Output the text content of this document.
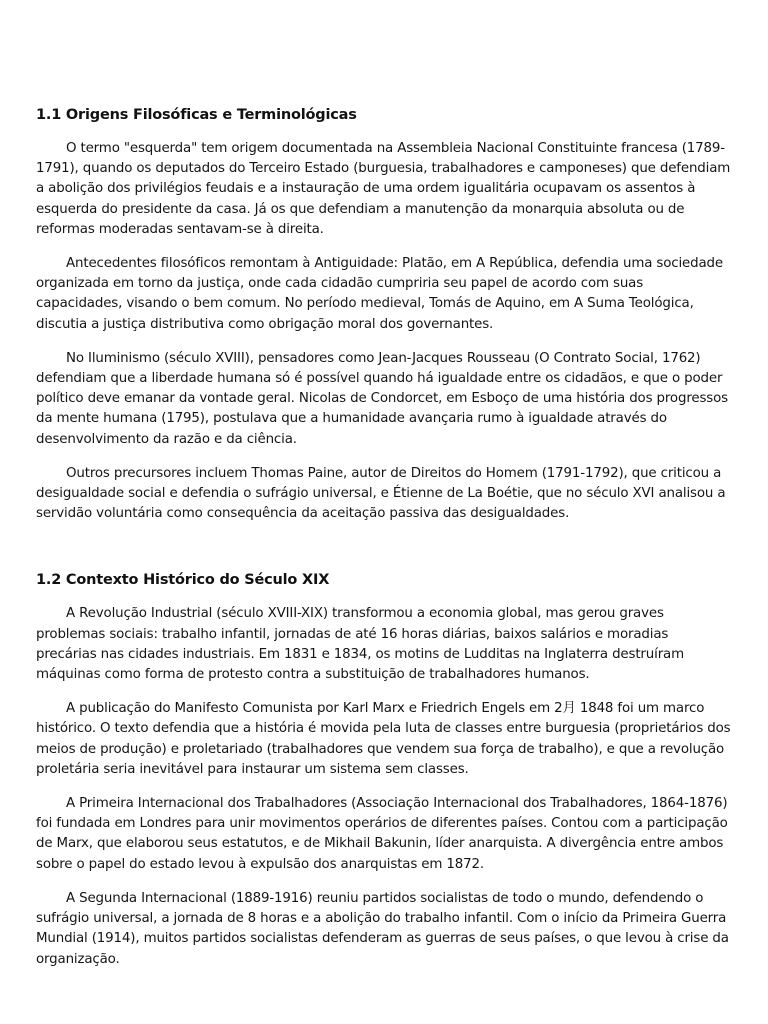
1.1 Origens Filosóficas e Terminológicas

O termo "esquerda" tem origem documentada na Assembleia Nacional Constituinte francesa (1789-1791), quando os deputados do Terceiro Estado (burguesia, trabalhadores e camponeses) que defendiam a abolição dos privilégios feudais e a instauração de uma ordem igualitária ocupavam os assentos à esquerda do presidente da casa. Já os que defendiam a manutenção da monarquia absoluta ou de reformas moderadas sentavam-se à direita.

Antecedentes filosóficos remontam à Antiguidade: Platão, em A República, defendia uma sociedade organizada em torno da justiça, onde cada cidadão cumpriria seu papel de acordo com suas capacidades, visando o bem comum. No período medieval, Tomás de Aquino, em A Suma Teológica, discutia a justiça distributiva como obrigação moral dos governantes.

No Iluminismo (século XVIII), pensadores como Jean-Jacques Rousseau (O Contrato Social, 1762) defendiam que a liberdade humana só é possível quando há igualdade entre os cidadãos, e que o poder político deve emanar da vontade geral. Nicolas de Condorcet, em Esboço de uma história dos progressos da mente humana (1795), postulava que a humanidade avançaria rumo à igualdade através do desenvolvimento da razão e da ciência.

Outros precursores incluem Thomas Paine, autor de Direitos do Homem (1791-1792), que criticou a desigualdade social e defendia o sufrágio universal, e Étienne de La Boétie, que no século XVI analisou a servidão voluntária como consequência da aceitação passiva das desigualdades.

1.2 Contexto Histórico do Século XIX

A Revolução Industrial (século XVIII-XIX) transformou a economia global, mas gerou graves problemas sociais: trabalho infantil, jornadas de até 16 horas diárias, baixos salários e moradias precárias nas cidades industriais. Em 1831 e 1834, os motins de Ludditas na Inglaterra destruíram máquinas como forma de protesto contra a substituição de trabalhadores humanos.

A publicação do Manifesto Comunista por Karl Marx e Friedrich Engels em 2月 1848 foi um marco histórico. O texto defendia que a história é movida pela luta de classes entre burguesia (proprietários dos meios de produção) e proletariado (trabalhadores que vendem sua força de trabalho), e que a revolução proletária seria inevitável para instaurar um sistema sem classes.

A Primeira Internacional dos Trabalhadores (Associação Internacional dos Trabalhadores, 1864-1876) foi fundada em Londres para unir movimentos operários de diferentes países. Contou com a participação de Marx, que elaborou seus estatutos, e de Mikhail Bakunin, líder anarquista. A divergência entre ambos sobre o papel do estado levou à expulsão dos anarquistas em 1872.

A Segunda Internacional (1889-1916) reuniu partidos socialistas de todo o mundo, defendendo o sufrágio universal, a jornada de 8 horas e a abolição do trabalho infantil. Com o início da Primeira Guerra Mundial (1914), muitos partidos socialistas defenderam as guerras de seus países, o que levou à crise da organização.
